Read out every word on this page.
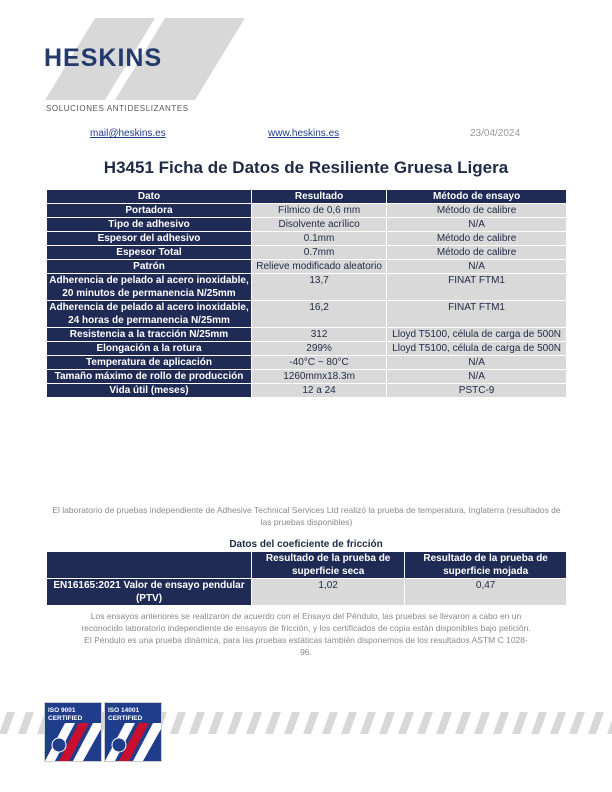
HESKINS
SOLUCIONES ANTIDESLIZANTES
mail@heskins.es	www.heskins.es	23/04/2024
H3451 Ficha de Datos de Resiliente Gruesa Ligera
Dato	Resultado	Método de ensayo
Portadora	Fílmico de 0,6 mm	Método de calibre
Tipo de adhesivo	Disolvente acrílico	N/A
Espesor del adhesivo	0.1mm	Método de calibre
Espesor Total	0.7mm	Método de calibre
Patrón	Relieve modificado aleatorio	N/A
Adherencia de pelado al acero inoxidable, 20 minutos de permanencia N/25mm	13,7	FINAT FTM1
Adherencia de pelado al acero inoxidable, 24 horas de permanencia N/25mm	16,2	FINAT FTM1
Resistencia a la tracción N/25mm	312	Lloyd T5100, célula de carga de 500N
Elongación a la rotura	299%	Lloyd T5100, célula de carga de 500N
Temperatura de aplicación	-40°C ~ 80°C	N/A
Tamaño máximo de rollo de producción	1260mmx18.3m	N/A
Vida útil (meses)	12 a 24	PSTC-9
El laboratorio de pruebas independiente de Adhesive Technical Services Ltd realizó la prueba de temperatura, Inglaterra (resultados de las pruebas disponibles)
Datos del coeficiente de fricción
	Resultado de la prueba de superficie seca	Resultado de la prueba de superficie mojada
EN16165:2021 Valor de ensayo pendular (PTV)	1,02	0,47
Los ensayos anteriores se realizaron de acuerdo con el Ensayo del Péndulo, las pruebas se llevaron a cabo en un reconocido laboratorio independiente de ensayos de fricción, y los certificados de copia están disponibles bajo petición. El Péndulo es una prueba dinámica, para las pruebas estáticas también disponemos de los resultados ASTM C 1028-96.
ISO 9001 CERTIFIED
ISO 14001 CERTIFIED
